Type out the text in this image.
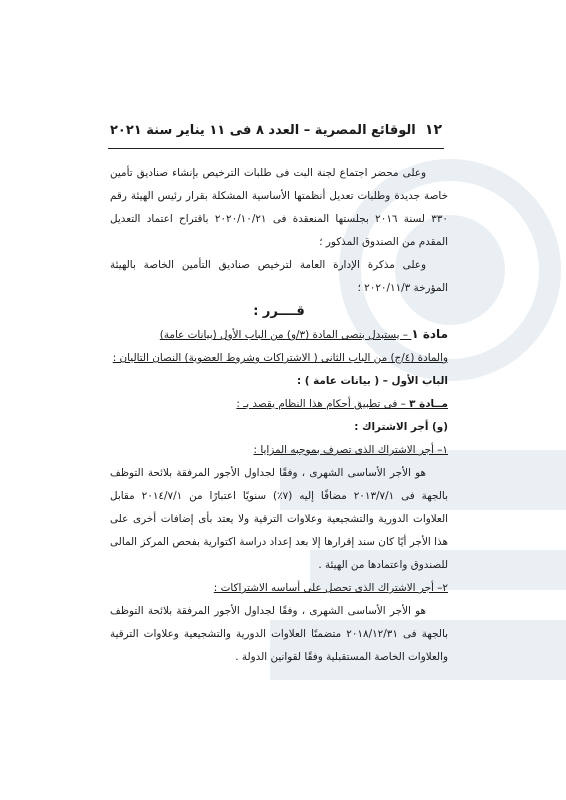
١٢
الوقائع المصرية – العدد ٨ فى ١١ يناير سنة ٢٠٢١

وعلى محضر اجتماع لجنة البت فى طلبات الترخيص بإنشاء صناديق تأمين خاصة جديدة وطلبات تعديل أنظمتها الأساسية المشكلة بقرار رئيس الهيئة رقم ٣٣٠ لسنة ٢٠١٦ بجلستها المنعقدة فى ٢٠٢٠/١٠/٢١ باقتراح اعتماد التعديل المقدم من الصندوق المذكور ؛

وعلى مذكرة الإدارة العامة لترخيص صناديق التأمين الخاصة بالهيئة المؤرخة ٢٠٢٠/١١/٣ ؛

قــــرر :

مادة ١ – يستبدل بنصى المادة (٣/و) من الباب الأول (بيانات عامة)

والمادة (٤/ج) من الباب الثانى ( الاشتراكات وشروط العضوية) النصان التاليان :

الباب الأول – ( بيانات عامة ) :

مــادة ٣ – فى تطبيق أحكام هذا النظام يقصد بـ :

(و) أجر الاشتراك :

١– أجر الاشتراك الذى تصرف بموجبه المزايا :

هو الأجر الأساسى الشهرى ، وفقًا لجداول الأجور المرفقة بلائحة التوظف بالجهة فى ٢٠١٣/٧/١ مضافًا إليه (٧٪) سنويًا اعتبارًا من ٢٠١٤/٧/١ مقابل العلاوات الدورية والتشجيعية وعلاوات الترقية ولا يعتد بأى إضافات أخرى على هذا الأجر أيًا كان سند إقرارها إلا بعد إعداد دراسة اكتوارية بفحص المركز المالى للصندوق واعتمادها من الهيئة .

٢– أجر الاشتراك الذى تحصل على أساسه الاشتراكات :

هو الأجر الأساسى الشهرى ، وفقًا لجداول الأجور المرفقة بلائحة التوظف بالجهة فى ٢٠١٨/١٢/٣١ متضمنًا العلاوات الدورية والتشجيعية وعلاوات الترقية والعلاوات الخاصة المستقبلية وفقًا لقوانين الدولة .
